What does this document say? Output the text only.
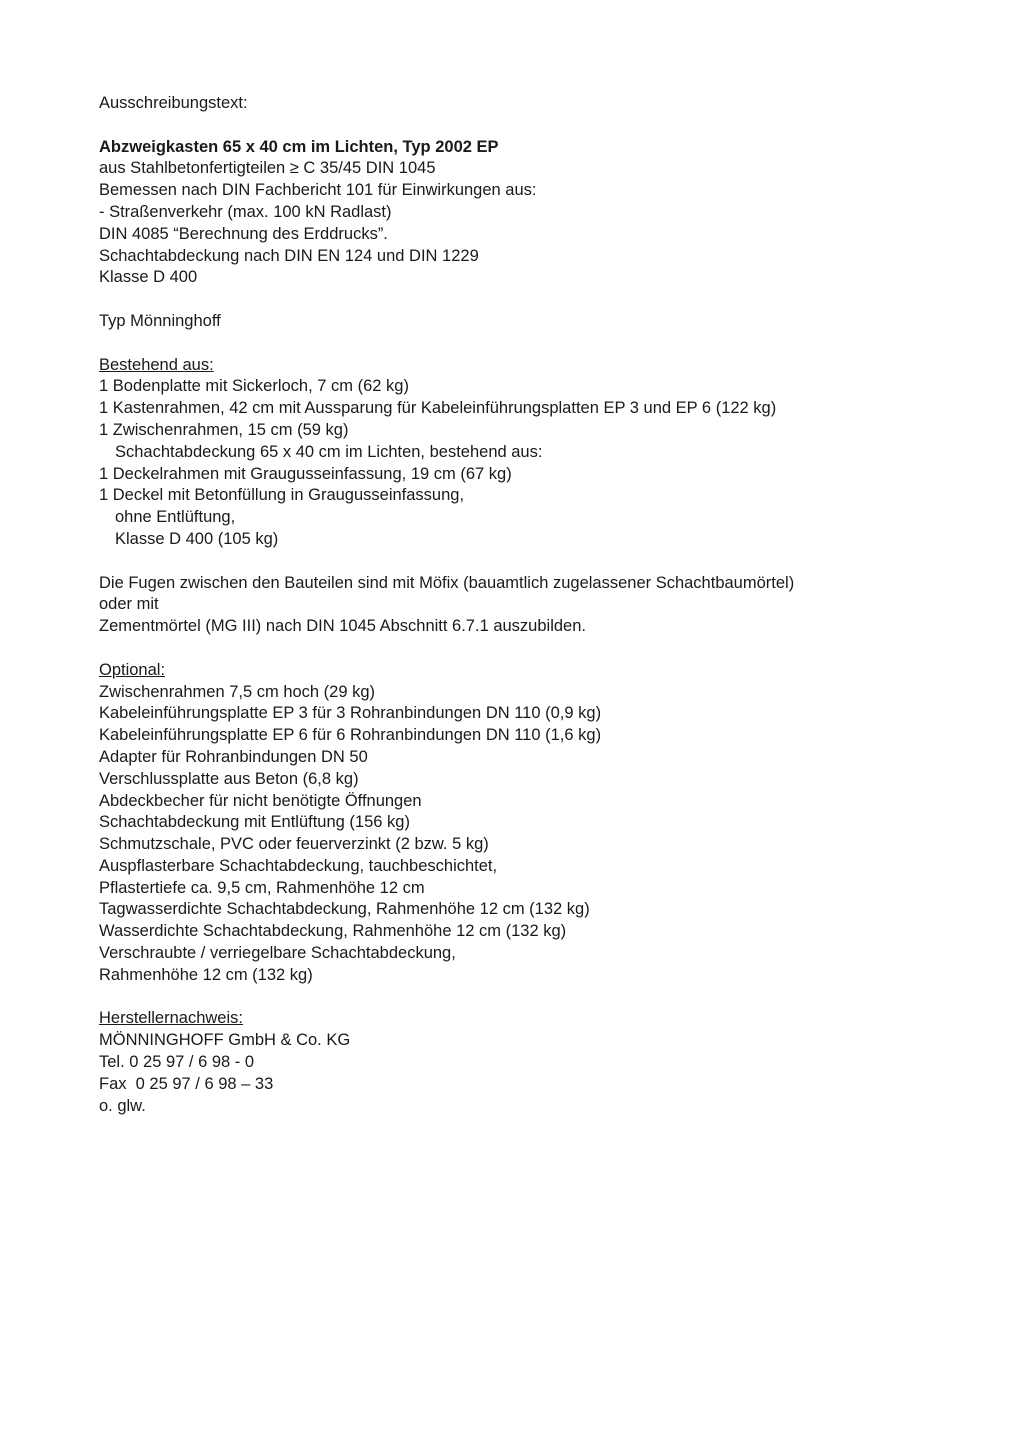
Ausschreibungstext:
Abzweigkasten 65 x 40 cm im Lichten, Typ 2002 EP
aus Stahlbetonfertigteilen ≥ C 35/45 DIN 1045
Bemessen nach DIN Fachbericht 101 für Einwirkungen aus:
- Straßenverkehr (max. 100 kN Radlast)
DIN 4085 “Berechnung des Erddrucks”.
Schachtabdeckung nach DIN EN 124 und DIN 1229
Klasse D 400
Typ Mönninghoff
Bestehend aus:
1 Bodenplatte mit Sickerloch, 7 cm (62 kg)
1 Kastenrahmen, 42 cm mit Aussparung für Kabeleinführungsplatten EP 3 und EP 6 (122 kg)
1 Zwischenrahmen, 15 cm (59 kg)
Schachtabdeckung 65 x 40 cm im Lichten, bestehend aus:
1 Deckelrahmen mit Graugusseinfassung, 19 cm (67 kg)
1 Deckel mit Betonfüllung in Graugusseinfassung,
ohne Entlüftung,
Klasse D 400 (105 kg)
Die Fugen zwischen den Bauteilen sind mit Möfix (bauamtlich zugelassener Schachtbaumörtel)
oder mit
Zementmörtel (MG III) nach DIN 1045 Abschnitt 6.7.1 auszubilden.
Optional:
Zwischenrahmen 7,5 cm hoch (29 kg)
Kabeleinführungsplatte EP 3 für 3 Rohranbindungen DN 110 (0,9 kg)
Kabeleinführungsplatte EP 6 für 6 Rohranbindungen DN 110 (1,6 kg)
Adapter für Rohranbindungen DN 50
Verschlussplatte aus Beton (6,8 kg)
Abdeckbecher für nicht benötigte Öffnungen
Schachtabdeckung mit Entlüftung (156 kg)
Schmutzschale, PVC oder feuerverzinkt (2 bzw. 5 kg)
Auspflasterbare Schachtabdeckung, tauchbeschichtet,
Pflastertiefe ca. 9,5 cm, Rahmenhöhe 12 cm
Tagwasserdichte Schachtabdeckung, Rahmenhöhe 12 cm (132 kg)
Wasserdichte Schachtabdeckung, Rahmenhöhe 12 cm (132 kg)
Verschraubte / verriegelbare Schachtabdeckung,
Rahmenhöhe 12 cm (132 kg)
Herstellernachweis:
MÖNNINGHOFF GmbH & Co. KG
Tel. 0 25 97 / 6 98 - 0
Fax  0 25 97 / 6 98 – 33
o. glw.
